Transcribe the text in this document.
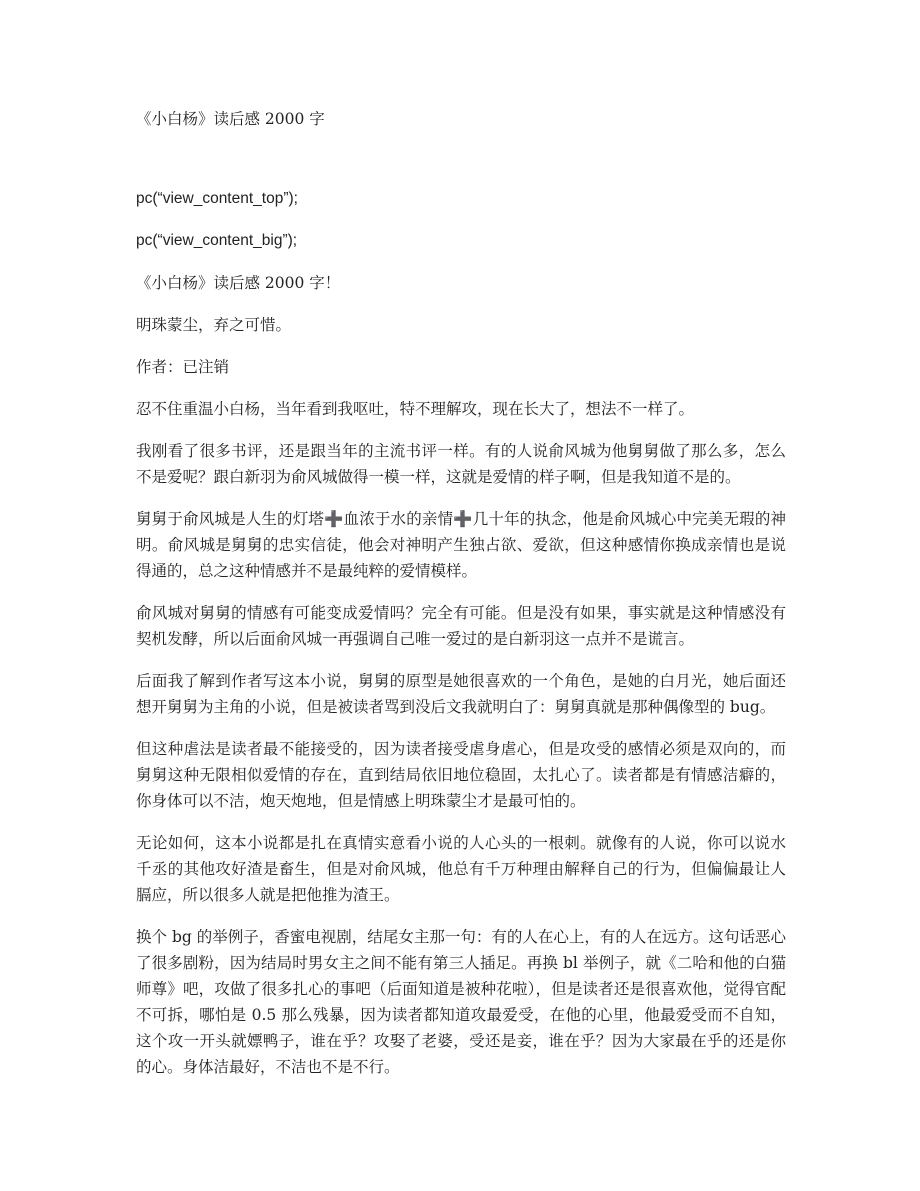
《小白杨》读后感 2000 字

pc(“view_content_top”);

pc(“view_content_big”);

《小白杨》读后感 2000 字！

明珠蒙尘，弃之可惜。

作者：已注销

忍不住重温小白杨，当年看到我呕吐，特不理解攻，现在长大了，想法不一样了。

我刚看了很多书评，还是跟当年的主流书评一样。有的人说俞风城为他舅舅做了那么多，怎么不是爱呢？跟白新羽为俞风城做得一模一样，这就是爱情的样子啊，但是我知道不是的。

舅舅于俞风城是人生的灯塔➕血浓于水的亲情➕几十年的执念，他是俞风城心中完美无瑕的神明。俞风城是舅舅的忠实信徒，他会对神明产生独占欲、爱欲，但这种感情你换成亲情也是说得通的，总之这种情感并不是最纯粹的爱情模样。

俞风城对舅舅的情感有可能变成爱情吗？完全有可能。但是没有如果，事实就是这种情感没有契机发酵，所以后面俞风城一再强调自己唯一爱过的是白新羽这一点并不是谎言。

后面我了解到作者写这本小说，舅舅的原型是她很喜欢的一个角色，是她的白月光，她后面还想开舅舅为主角的小说，但是被读者骂到没后文我就明白了：舅舅真就是那种偶像型的 bug。

但这种虐法是读者最不能接受的，因为读者接受虐身虐心，但是攻受的感情必须是双向的，而舅舅这种无限相似爱情的存在，直到结局依旧地位稳固，太扎心了。读者都是有情感洁癖的，你身体可以不洁，炮天炮地，但是情感上明珠蒙尘才是最可怕的。

无论如何，这本小说都是扎在真情实意看小说的人心头的一根刺。就像有的人说，你可以说水千丞的其他攻好渣是畜生，但是对俞风城，他总有千万种理由解释自己的行为，但偏偏最让人膈应，所以很多人就是把他推为渣王。

换个 bg 的举例子，香蜜电视剧，结尾女主那一句：有的人在心上，有的人在远方。这句话恶心了很多剧粉，因为结局时男女主之间不能有第三人插足。再换 bl 举例子，就《二哈和他的白猫师尊》吧，攻做了很多扎心的事吧（后面知道是被种花啦），但是读者还是很喜欢他，觉得官配不可拆，哪怕是 0.5 那么残暴，因为读者都知道攻最爱受，在他的心里，他最爱受而不自知，这个攻一开头就嫖鸭子，谁在乎？攻娶了老婆，受还是妾，谁在乎？因为大家最在乎的还是你的心。身体洁最好，不洁也不是不行。
